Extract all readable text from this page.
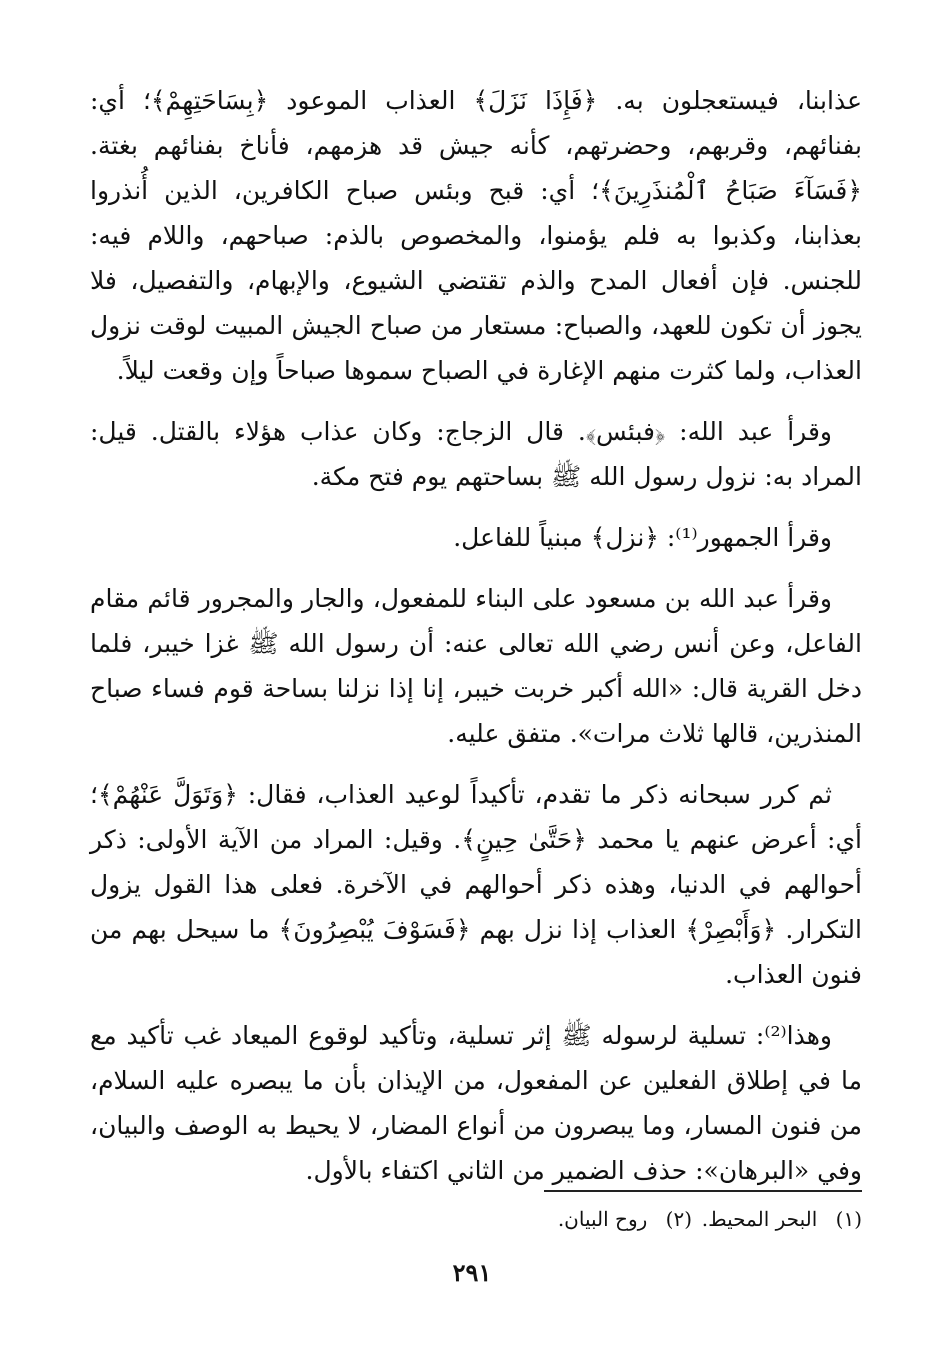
عذابنا، فيستعجلون به. ﴿فَإِذَا نَزَلَ﴾ العذاب الموعود ﴿بِسَاحَتِهِمْ﴾؛ أي: بفنائهم، وقربهم، وحضرتهم، كأنه جيش قد هزمهم، فأناخ بفنائهم بغتة. ﴿فَسَآءَ صَبَاحُ ٱلْمُنذَرِينَ﴾؛ أي: قبح وبئس صباح الكافرين، الذين أُنذروا بعذابنا، وكذبوا به فلم يؤمنوا، والمخصوص بالذم: صباحهم، واللام فيه: للجنس. فإن أفعال المدح والذم تقتضي الشيوع، والإبهام، والتفصيل، فلا يجوز أن تكون للعهد، والصباح: مستعار من صباح الجيش المبيت لوقت نزول العذاب، ولما كثرت منهم الإغارة في الصباح سموها صباحاً وإن وقعت ليلاً.

وقرأ عبد الله: ﴿فبئس﴾. قال الزجاج: وكان عذاب هؤلاء بالقتل. قيل: المراد به: نزول رسول الله ﷺ بساحتهم يوم فتح مكة.

وقرأ الجمهور⁽¹⁾: ﴿نزل﴾ مبنياً للفاعل.

وقرأ عبد الله بن مسعود على البناء للمفعول، والجار والمجرور قائم مقام الفاعل، وعن أنس رضي الله تعالى عنه: أن رسول الله ﷺ غزا خيبر، فلما دخل القرية قال: «الله أكبر خربت خيبر، إنا إذا نزلنا بساحة قوم فساء صباح المنذرين، قالها ثلاث مرات». متفق عليه.

ثم كرر سبحانه ذكر ما تقدم، تأكيداً لوعيد العذاب، فقال: ﴿وَتَوَلَّ عَنْهُمْ﴾؛ أي: أعرض عنهم يا محمد ﴿حَتَّىٰ حِينٍ﴾. وقيل: المراد من الآية الأولى: ذكر أحوالهم في الدنيا، وهذه ذكر أحوالهم في الآخرة. فعلى هذا القول يزول التكرار. ﴿وَأَبْصِرْ﴾ العذاب إذا نزل بهم ﴿فَسَوْفَ يُبْصِرُونَ﴾ ما سيحل بهم من فنون العذاب.

وهذا⁽²⁾: تسلية لرسوله ﷺ إثر تسلية، وتأكيد لوقوع الميعاد غب تأكيد مع ما في إطلاق الفعلين عن المفعول، من الإيذان بأن ما يبصره عليه السلام، من فنون المسار، وما يبصرون من أنواع المضار، لا يحيط به الوصف والبيان، وفي «البرهان»: حذف الضمير من الثاني اكتفاء بالأول.

(١) البحر المحيط.
(٢) روح البيان.
٢٩١
